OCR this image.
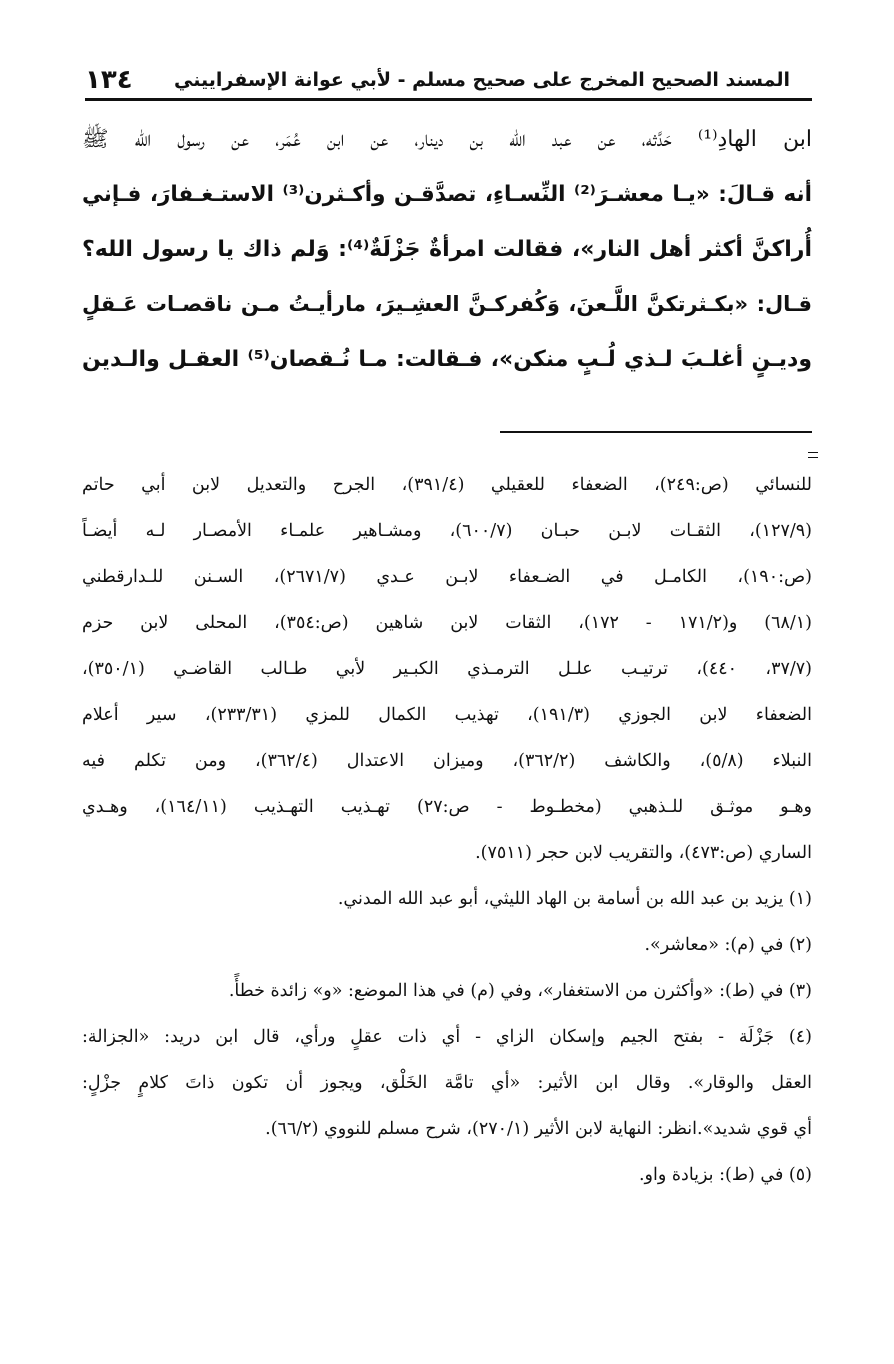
المسند الصحيح المخرج على صحيح مسلم - لأبي عوانة الإسفراييني
١٣٤
ابن الهادِ⁽¹⁾ حَدَّثه، عن عبد الله بن دينار، عن ابن عُمَر، عن رسول الله ﷺ
أنه قـالَ: «يـا معشـرَ⁽²⁾ النِّسـاءِ، تصدَّقـن وأكـثرن⁽³⁾ الاستـغـفارَ، فـإني
أُراكنَّ أكثر أهل النار»، فقالت امرأةٌ جَزْلَةٌ⁽⁴⁾: وَلم ذاك يا رسول الله؟
قـال: «بكـثرتكنَّ اللَّـعنَ، وَكُفركـنَّ العشِـيرَ، مارأيـتُ مـن ناقصـات عَـقلٍ
وديـنٍ أغلـبَ لـذي لُـبٍ منكن»، فـقالت: مـا نُـقصان⁽⁵⁾ العقـل والـدين
للنسائي (ص:٢٤٩)، الضعفاء للعقيلي (٣٩١/٤)، الجرح والتعديل لابن أبي حاتم
(١٢٧/٩)، الثقـات لابـن حبـان (٦٠٠/٧)، ومشـاهير علمـاء الأمصـار لـه أيضـاً
(ص:١٩٠)، الكامـل في الضـعفاء لابـن عـدي (٢٦٧١/٧)، السـنن للـدارقطني
(٦٨/١) و(١٧١/٢ - ١٧٢)، الثقات لابن شاهين (ص:٣٥٤)، المحلى لابن حزم
(٣٧/٧، ٤٤٠)، ترتيـب علـل الترمـذي الكبـير لأبي طـالب القاضـي (٣٥٠/١)،
الضعفاء لابن الجوزي (١٩١/٣)، تهذيب الكمال للمزي (٢٣٣/٣١)، سير أعلام
النبلاء (٥/٨)، والكاشف (٣٦٢/٢)، وميزان الاعتدال (٣٦٢/٤)، ومن تكلم فيه
وهـو موثـق للـذهبي (مخطـوط - ص:٢٧) تهـذيب التهـذيب (١٦٤/١١)، وهـدي
الساري (ص:٤٧٣)، والتقريب لابن حجر (٧٥١١).
(١) يزيد بن عبد الله بن أسامة بن الهاد الليثي، أبو عبد الله المدني.
(٢) في (م): «معاشر».
(٣) في (ط): «وأكثرن من الاستغفار»، وفي (م) في هذا الموضع: «و» زائدة خطأً.
(٤) جَزْلَة - بفتح الجيم وإسكان الزاي - أي ذات عقلٍ ورأي، قال ابن دريد: «الجزالة:
العقل والوقار». وقال ابن الأثير: «أي تامَّة الخَلْق، ويجوز أن تكون ذاتَ كلامٍ جزْلٍ:
أي قوي شديد».انظر: النهاية لابن الأثير (٢٧٠/١)، شرح مسلم للنووي (٦٦/٢).
(٥) في (ط): بزيادة واو.
